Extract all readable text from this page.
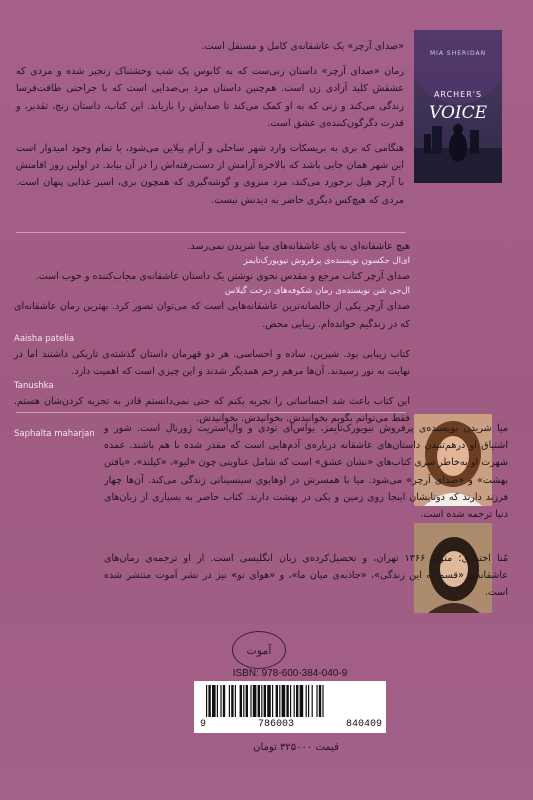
MIA SHERIDAN
ARCHER'S
VOICE

«صدای آرچر» یک عاشقانه‌ی کامل و مستقل است.

رمان «صدای آرچر» داستان زنی‌ست که به کابوس یک شب وحشتناک زنجیر شده و مردی که عشقش کلید آزادی زن است. هم‌چنین داستان مرد بی‌صدایی است که با جراحتی طاقت‌فرسا زندگی می‌کند و زنی که به او کمک می‌کند تا صدایش را بازیابد. این کتاب، داستان رنج، تقدیر، و قدرت دگرگون‌کننده‌ی عشق است.

هنگامی که بری به بریسکات وارد شهر ساحلی و آرام پیلاین می‌شود، با تمام وجود امیدوار است این شهر همان جایی باشد که بالاخره آرامش از دست‌رفته‌اش را در آن بیابد. در اولین روز اقامتش با آرچر هیل برخورد می‌کند، مرد منزوی و گوشه‌گیری که همچون بری، اسیر غذابی پنهان است. مردی که هیچ‌کس دیگری حاضر به دیدنش نیست.

هیچ عاشقانه‌ای به پای عاشقانه‌های میا شریدن نمی‌رسد.
ای‌ال جکسون نویسنده‌ی پرفروش نیویورک‌تایمز
صدای آرچر کتاب مرجع و مقدس نحوی نوشتن یک داستان عاشقانه‌ی مجاب‌کننده و خوب است.
ال‌جی شن نویسنده‌ی رمان شکوفه‌های درخت گیلاس
صدای آرچر یکی از خالصانه‌ترین عاشقانه‌هایی است که می‌توان تصور کرد. بهترین رمان عاشقانه‌ای که در زندگیم خوانده‌ام. زیبایی محض.
Aaisha patelia
کتاب زیبایی بود. شیرین، ساده و احساسی. هر دو قهرمان داستان گذشته‌ی تاریکی داشتند اما در نهایت به نور رسیدند. آن‌ها مرهم زخم همدیگر شدند و این چیزی است که اهمیت دارد.
Tanushka
این کتاب باعث شد احساساتی را تجربه بکنم که حتی نمی‌دانستم قادر به تجربه کردن‌شان هستم. فقط می‌توانم بگویم بخوانیدش. بخوانیدش. بخوانیدش.
Saphalta maharjan میا شریدن نویسنده‌ی پرفروش نیویورک‌تایمز، یواس‌ای تودی و وال‌استریت ژورنال است. شور و اشتیاق او درهم‌تنیدن داستان‌های عاشقانه درباره‌ی آدم‌هایی است که مقدر شده با هم باشند. عمده شهرت او به‌خاطر سری کتاب‌های «نشان عشق» است که شامل عناوینی چون «لیو»، «کیلند»، «یافتن بهشت» و «صدای آرچر» می‌شود. میا با همسرش در اوهایوی سینسیناتی زندگی می‌کند. آن‌ها چهار فرزند دارند که دوتایشان اینجا روی زمین و یکی در بهشت دارند. کتاب حاضر به بسیاری از زبان‌های دنیا ترجمه شده است.
مُنا اختیاری؛ متولد ۱۳۶۶ تهران، و تحصیل‌کرده‌ی زبان انگلیسی است. از او ترجمه‌ی رمان‌های عاشقانه‌ی «قسم به این زندگی»، «جاذبه‌ی میان ما»، و «هوای تو» نیز در نشر آموت منتشر شده است.
آموت
ISBN: 978-600-384-040-9
9	786003	840409
قیمت ۳۲۵۰۰۰ تومان
